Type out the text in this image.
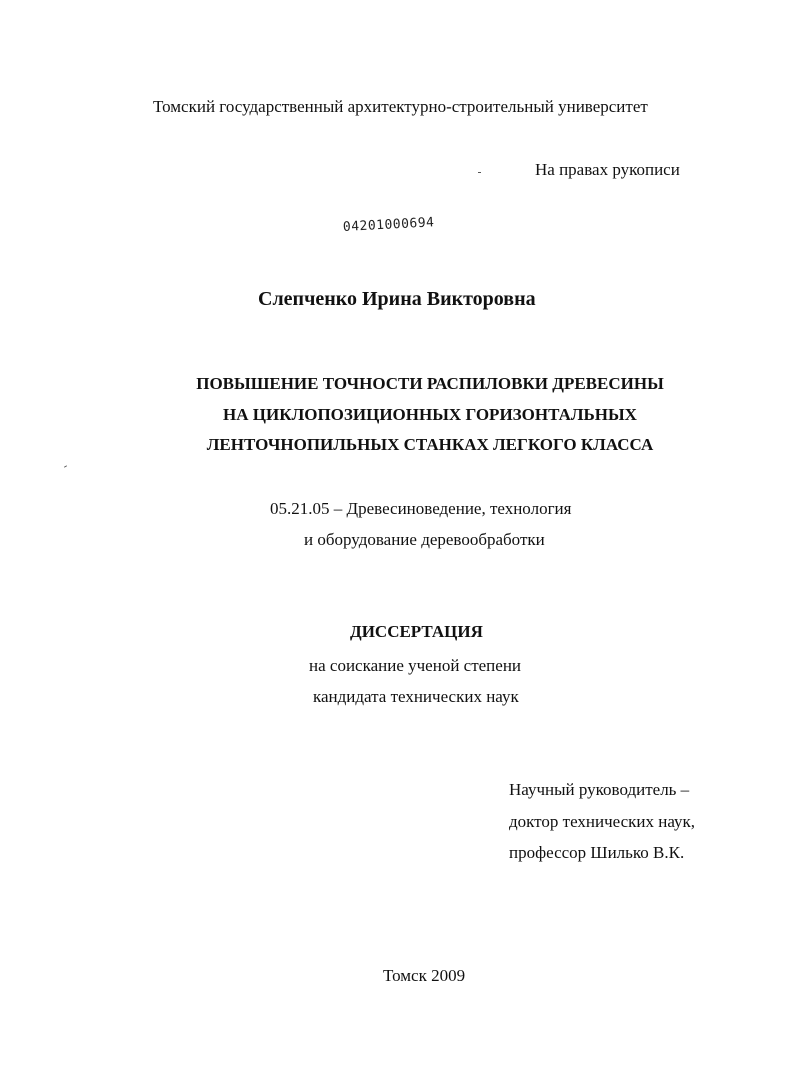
Томский государственный архитектурно-строительный университет
На правах рукописи
04201000694
Слепченко Ирина Викторовна
ПОВЫШЕНИЕ ТОЧНОСТИ РАСПИЛОВКИ ДРЕВЕСИНЫ
НА ЦИКЛОПОЗИЦИОННЫХ ГОРИЗОНТАЛЬНЫХ
ЛЕНТОЧНОПИЛЬНЫХ СТАНКАХ ЛЕГКОГО КЛАССА
05.21.05 – Древесиноведение, технология
и оборудование деревообработки
ДИССЕРТАЦИЯ
на соискание ученой степени
кандидата технических наук
Научный руководитель –
доктор технических наук,
профессор Шилько В.К.
Томск 2009
